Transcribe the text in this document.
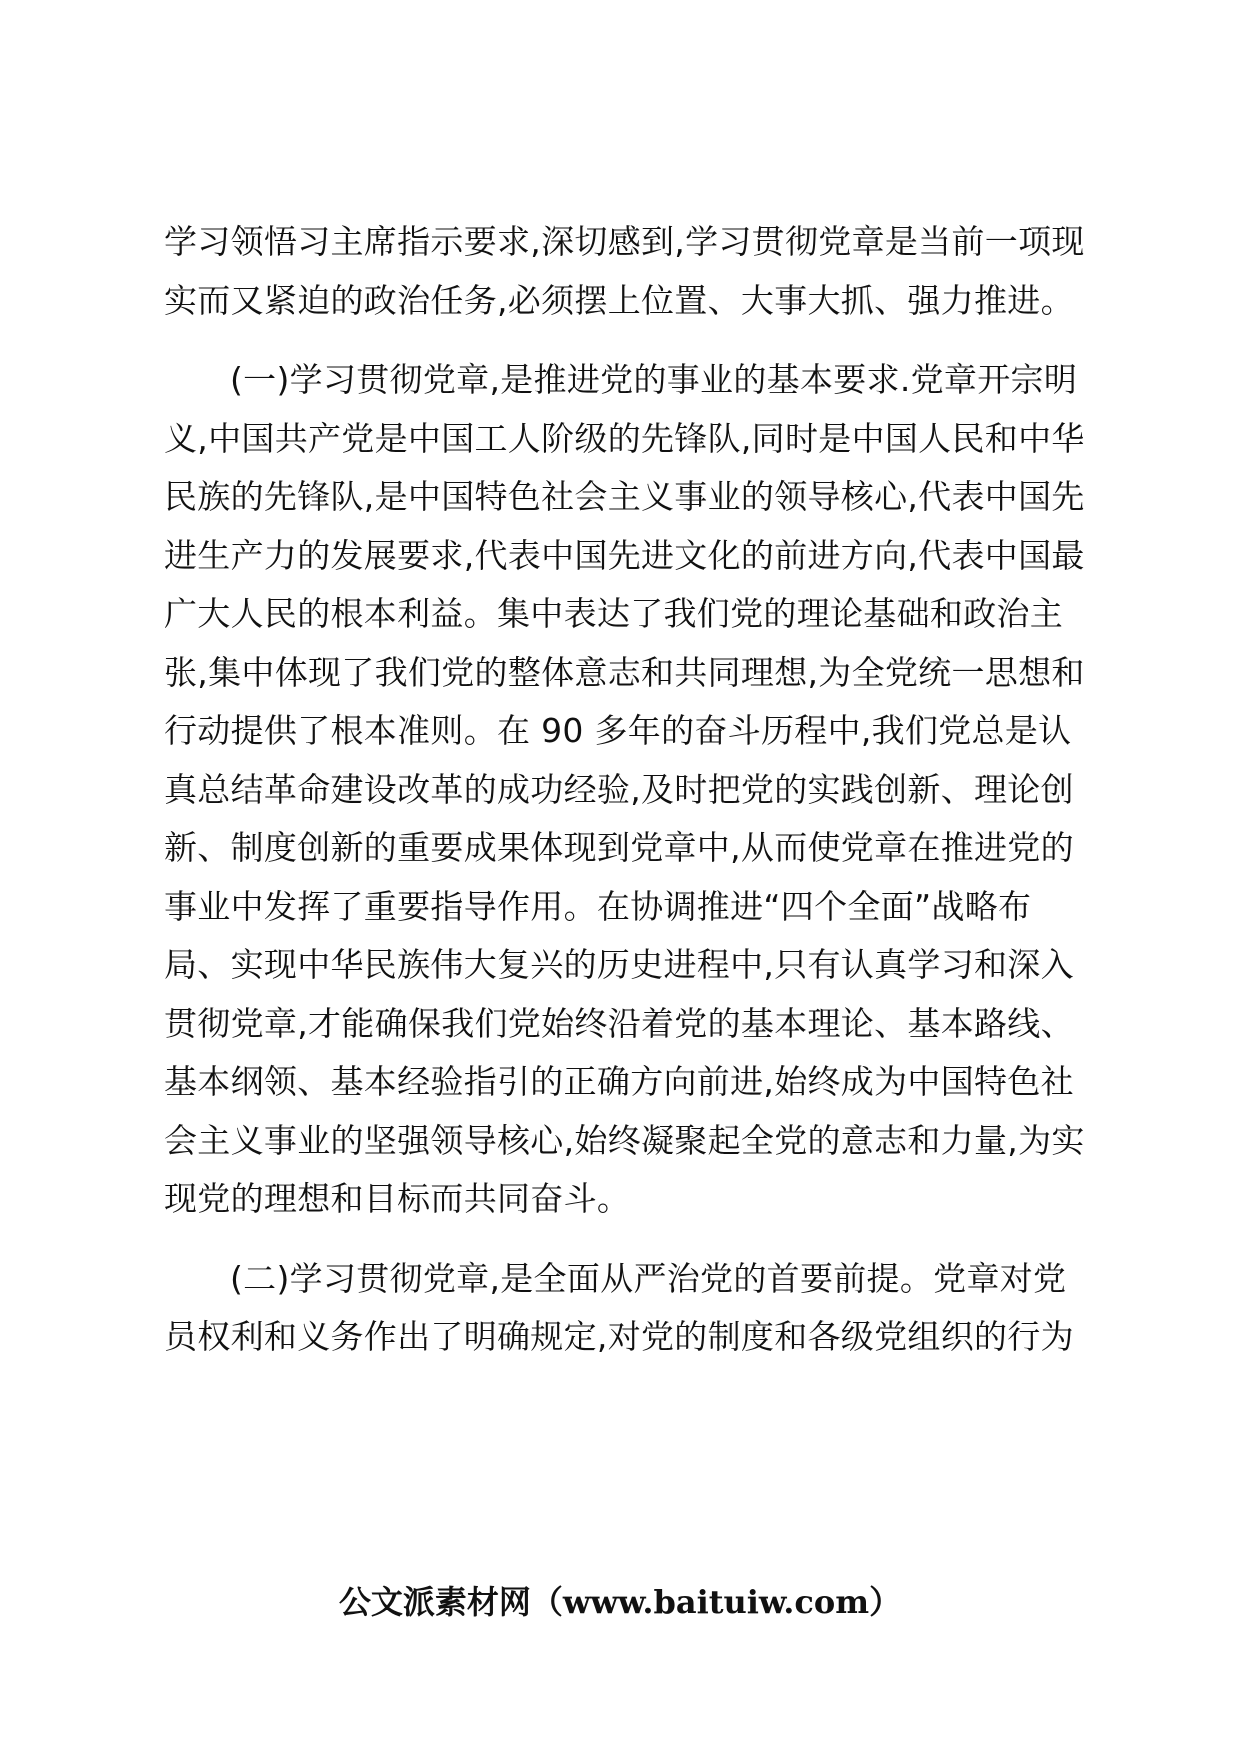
学习领悟习主席指示要求,深切感到,学习贯彻党章是当前一项现
实而又紧迫的政治任务,必须摆上位置、大事大抓、强力推进。
(一)学习贯彻党章,是推进党的事业的基本要求.党章开宗明
义,中国共产党是中国工人阶级的先锋队,同时是中国人民和中华
民族的先锋队,是中国特色社会主义事业的领导核心,代表中国先
进生产力的发展要求,代表中国先进文化的前进方向,代表中国最
广大人民的根本利益。集中表达了我们党的理论基础和政治主
张,集中体现了我们党的整体意志和共同理想,为全党统一思想和
行动提供了根本准则。在 90 多年的奋斗历程中,我们党总是认
真总结革命建设改革的成功经验,及时把党的实践创新、理论创
新、制度创新的重要成果体现到党章中,从而使党章在推进党的
事业中发挥了重要指导作用。在协调推进“四个全面”战略布
局、实现中华民族伟大复兴的历史进程中,只有认真学习和深入
贯彻党章,才能确保我们党始终沿着党的基本理论、基本路线、
基本纲领、基本经验指引的正确方向前进,始终成为中国特色社
会主义事业的坚强领导核心,始终凝聚起全党的意志和力量,为实
现党的理想和目标而共同奋斗。
(二)学习贯彻党章,是全面从严治党的首要前提。党章对党
员权利和义务作出了明确规定,对党的制度和各级党组织的行为
公文派素材网（www.baituiw.com）
